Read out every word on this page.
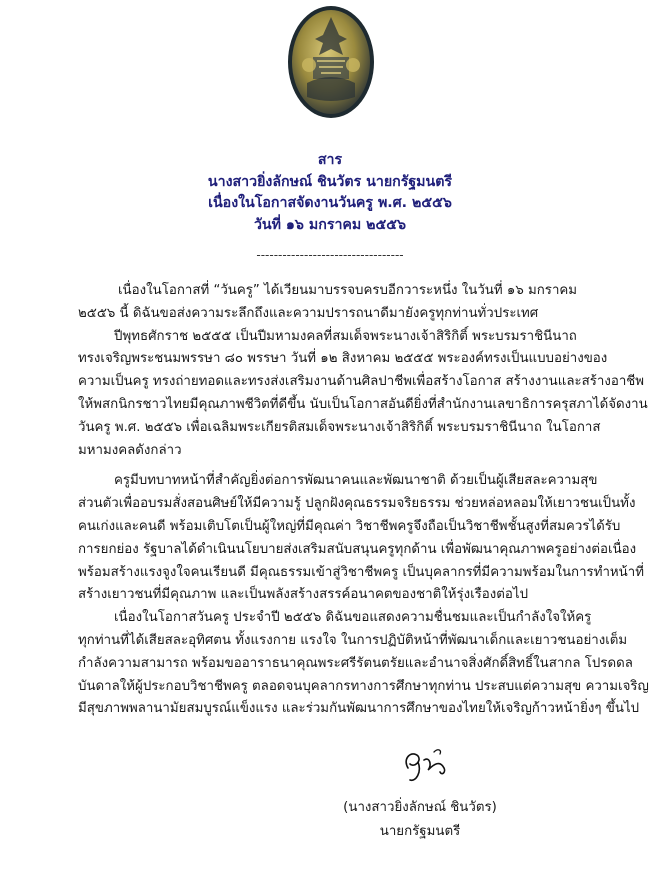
สาร
นางสาวยิ่งลักษณ์ ชินวัตร นายกรัฐมนตรี
เนื่องในโอกาสจัดงานวันครู พ.ศ. ๒๕๕๖
วันที่ ๑๖ มกราคม ๒๕๕๖
----------------------------------
เนื่องในโอกาสที่ “วันครู” ได้เวียนมาบรรจบครบอีกวาระหนึ่ง ในวันที่ ๑๖ มกราคม
๒๕๕๖ นี้ ดิฉันขอส่งความระลึกถึงและความปรารถนาดีมายังครูทุกท่านทั่วประเทศ
ปีพุทธศักราช ๒๕๕๕ เป็นปีมหามงคลที่สมเด็จพระนางเจ้าสิริกิติ์ พระบรมราชินีนาถ
ทรงเจริญพระชนมพรรษา ๘๐ พรรษา วันที่ ๑๒ สิงหาคม ๒๕๕๕ พระองค์ทรงเป็นแบบอย่างของ
ความเป็นครู ทรงถ่ายทอดและทรงส่งเสริมงานด้านศิลปาชีพเพื่อสร้างโอกาส สร้างงานและสร้างอาชีพ
ให้พสกนิกรชาวไทยมีคุณภาพชีวิตที่ดีขึ้น นับเป็นโอกาสอันดียิ่งที่สำนักงานเลขาธิการครุสภาได้จัดงาน
วันครู พ.ศ. ๒๕๕๖ เพื่อเฉลิมพระเกียรติสมเด็จพระนางเจ้าสิริกิติ์ พระบรมราชินีนาถ ในโอกาส
มหามงคลดังกล่าว
ครูมีบทบาทหน้าที่สำคัญยิ่งต่อการพัฒนาคนและพัฒนาชาติ ด้วยเป็นผู้เสียสละความสุข
ส่วนตัวเพื่ออบรมสั่งสอนศิษย์ให้มีความรู้ ปลูกฝังคุณธรรมจริยธรรม ช่วยหล่อหลอมให้เยาวชนเป็นทั้ง
คนเก่งและคนดี พร้อมเติบโตเป็นผู้ใหญ่ที่มีคุณค่า วิชาชีพครูจึงถือเป็นวิชาชีพชั้นสูงที่สมควรได้รับ
การยกย่อง รัฐบาลได้ดำเนินนโยบายส่งเสริมสนับสนุนครูทุกด้าน เพื่อพัฒนาคุณภาพครูอย่างต่อเนื่อง
พร้อมสร้างแรงจูงใจคนเรียนดี มีคุณธรรมเข้าสู่วิชาชีพครู เป็นบุคลากรที่มีความพร้อมในการทำหน้าที่
สร้างเยาวชนที่มีคุณภาพ และเป็นพลังสร้างสรรค์อนาคตของชาติให้รุ่งเรืองต่อไป
เนื่องในโอกาสวันครู ประจำปี ๒๕๕๖ ดิฉันขอแสดงความชื่นชมและเป็นกำลังใจให้ครู
ทุกท่านที่ได้เสียสละอุทิศตน ทั้งแรงกาย แรงใจ ในการปฏิบัติหน้าที่พัฒนาเด็กและเยาวชนอย่างเต็ม
กำลังความสามารถ พร้อมขออาราธนาคุณพระศรีรัตนตรัยและอำนาจสิ่งศักดิ์สิทธิ์ในสากล โปรดดล
บันดาลให้ผู้ประกอบวิชาชีพครู ตลอดจนบุคลากรทางการศึกษาทุกท่าน ประสบแต่ความสุข ความเจริญ
มีสุขภาพพลานามัยสมบูรณ์แข็งแรง และร่วมกันพัฒนาการศึกษาของไทยให้เจริญก้าวหน้ายิ่งๆ ขึ้นไป
(นางสาวยิ่งลักษณ์ ชินวัตร)
นายกรัฐมนตรี
